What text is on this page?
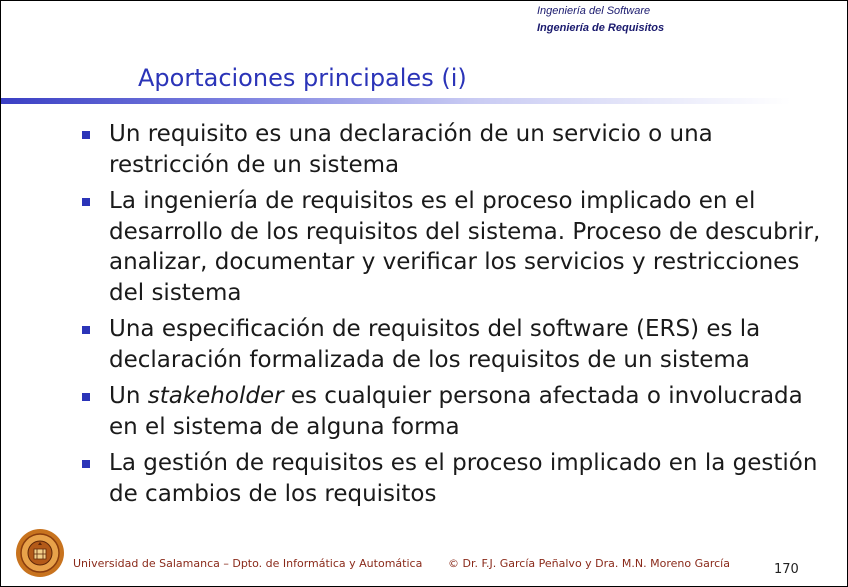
Ingeniería del Software
Ingeniería de Requisitos
Aportaciones principales (i)
Un requisito es una declaración de un servicio o una restricción de un sistema
La ingeniería de requisitos es el proceso implicado en el desarrollo de los requisitos del sistema. Proceso de descubrir, analizar, documentar y verificar los servicios y restricciones del sistema
Una especificación de requisitos del software (ERS) es la declaración formalizada de los requisitos de un sistema
Un stakeholder es cualquier persona afectada o involucrada en el sistema de alguna forma
La gestión de requisitos es el proceso implicado en la gestión de cambios de los requisitos
Universidad de Salamanca – Dpto. de Informática y Automática © Dr. F.J. García Peñalvo y Dra. M.N. Moreno García	170
